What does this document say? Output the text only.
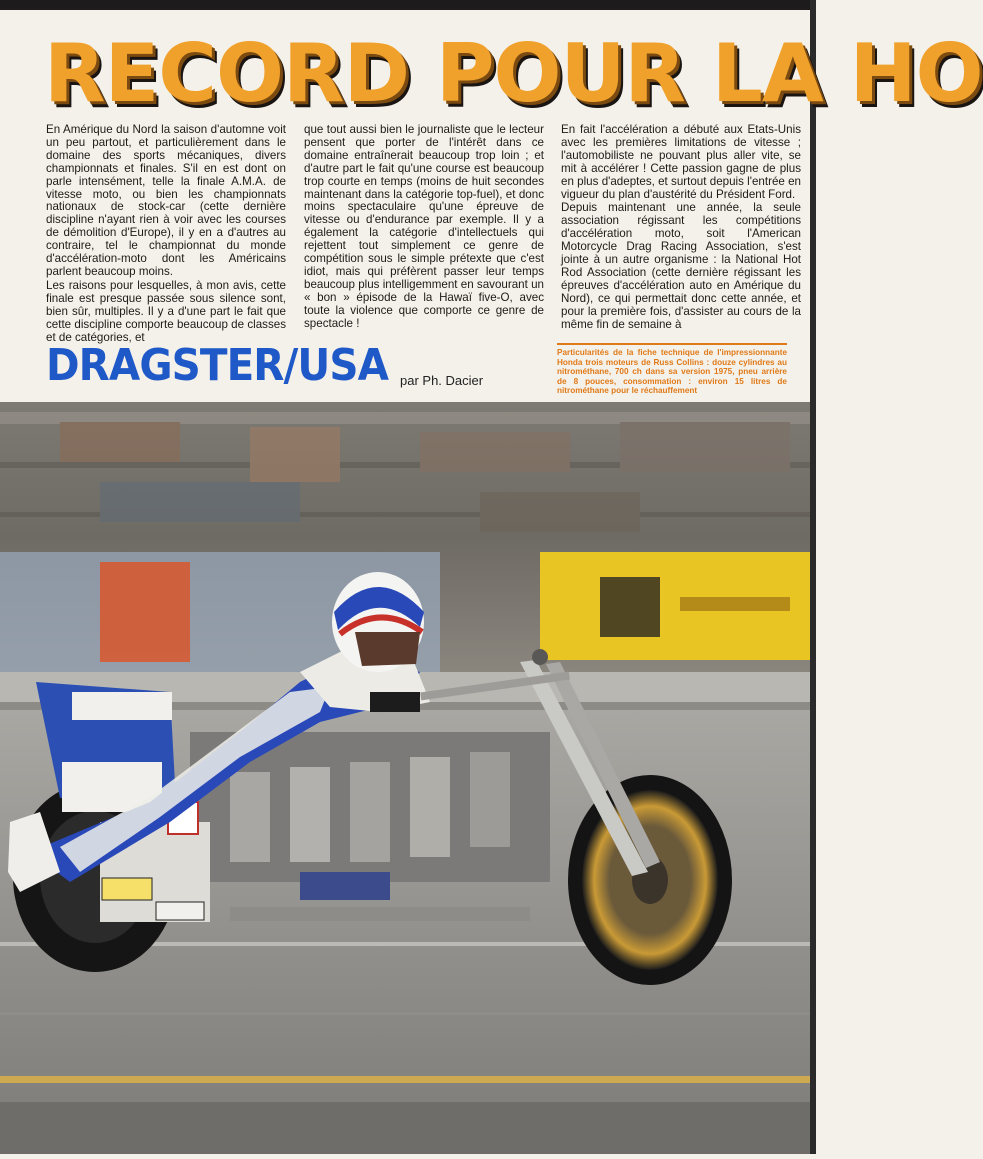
RECORD POUR LA HO

En Amérique du Nord la saison d'automne voit un peu partout, et particulièrement dans le domaine des sports mécaniques, divers championnats et finales. S'il en est dont on parle intensément, telle la finale A.M.A. de vitesse moto, ou bien les championnats nationaux de stock-car (cette dernière discipline n'ayant rien à voir avec les courses de démolition d'Europe), il y en a d'autres au contraire, tel le championnat du monde d'accélération-moto dont les Américains parlent beaucoup moins.

Les raisons pour lesquelles, à mon avis, cette finale est presque passée sous silence sont, bien sûr, multiples. Il y a d'une part le fait que cette discipline comporte beaucoup de classes et de catégories, et

que tout aussi bien le journaliste que le lecteur pensent que porter de l'intérêt dans ce domaine entraînerait beaucoup trop loin ; et d'autre part le fait qu'une course est beaucoup trop courte en temps (moins de huit secondes maintenant dans la catégorie top-fuel), et donc moins spectaculaire qu'une épreuve de vitesse ou d'endurance par exemple. Il y a également la catégorie d'intellectuels qui rejettent tout simplement ce genre de compétition sous le simple prétexte que c'est idiot, mais qui préfèrent passer leur temps beaucoup plus intelligemment en savourant un « bon » épisode de la Hawaï five-O, avec toute la violence que comporte ce genre de spectacle !

En fait l'accélération a débuté aux Etats-Unis avec les premières limitations de vitesse ; l'automobiliste ne pouvant plus aller vite, se mit à accélérer ! Cette passion gagne de plus en plus d'adeptes, et surtout depuis l'entrée en vigueur du plan d'austérité du Président Ford.

Depuis maintenant une année, la seule association régissant les compétitions d'accélération moto, soit l'American Motorcycle Drag Racing Association, s'est jointe à un autre organisme : la National Hot Rod Association (cette dernière régissant les épreuves d'accélération auto en Amérique du Nord), ce qui permettait donc cette année, et pour la première fois, d'assister au cours de la même fin de semaine à

DRAGSTER/USA par Ph. Dacier
Particularités de la fiche technique de l'impressionnante Honda trois moteurs de Russ Collins : douze cylindres au nitrométhane, 700 ch dans sa version 1975, pneu arrière de 8 pouces, consommation : environ 15 litres de nitrométhane pour le réchauffement
